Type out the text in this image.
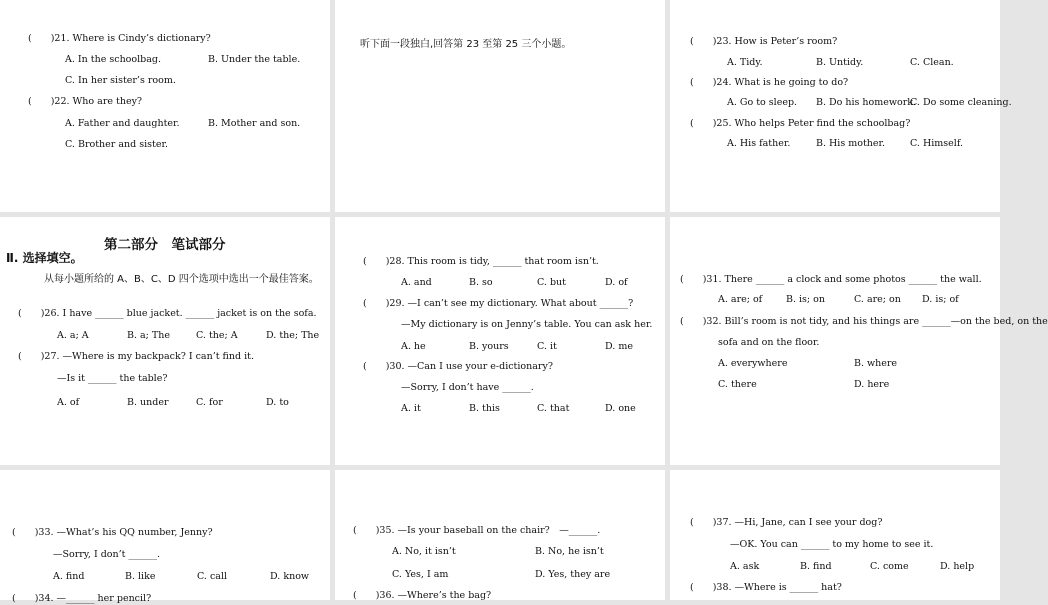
(　　)21. Where is Cindy’s dictionary?
A. In the schoolbag.	B. Under the table.
C. In her sister’s room.
(　　)22. Who are they?
A. Father and daughter.	B. Mother and son.
C. Brother and sister.
听下面一段独白,回答第 23 至第 25 三个小题。	(　　)23. How is Peter’s room?
A. Tidy.	B. Untidy.	C. Clean.
(　　)24. What is he going to do?
A. Go to sleep. B. Do his homework.
C. Do some cleaning.
(　　)25. Who helps Peter find the schoolbag?
A. His father.	B. His mother.	C. Himself.
第二部分　笔试部分
Ⅱ. 选择填空。
从每小题所给的 A、B、C、D 四个选项中选出一个最佳答案。
(　　)26. I have ______ blue jacket. ______ jacket is on the sofa.
A. a; A	B. a; The	C. the; A	D. the; The
(　　)27. —Where is my backpack? I can’t find it.
—Is it ______ the table?
A. of	B. under	C. for	D. to
(　　)28. This room is tidy, ______ that room isn’t.
A. and	B. so	C. but	D. of
(　　)29. —I can’t see my dictionary. What about ______?
—My dictionary is on Jenny’s table. You can ask her.
A. he	B. yours	C. it	D. me
(　　)30. —Can I use your e-dictionary?
—Sorry, I don’t have ______.
A. it	B. this	C. that	D. one
(　　)31. There ______ a clock and some photos ______ the wall.
A. are; of	B. is; on	C. are; on D. is; of
(　　)32. Bill’s room is not tidy, and his things are ______—on the bed, on the
sofa and on the floor.
A. everywhere	B. where
C. there	D. here
(　　)33. —What’s his QQ number, Jenny?
—Sorry, I don’t ______.
A. find	B. like	C. call	D. know
(　　)34. —______ her pencil?
(　　)35. —Is your baseball on the chair?　—______.
A. No, it isn’t	B. No, he isn’t
C. Yes, I am	D. Yes, they are
(　　)36. —Where’s the bag?
(　　)37. —Hi, Jane, can I see your dog?
—OK. You can ______ to my home to see it.
A. ask	B. find	C. come	D. help
(　　)38. —Where is ______ hat?
